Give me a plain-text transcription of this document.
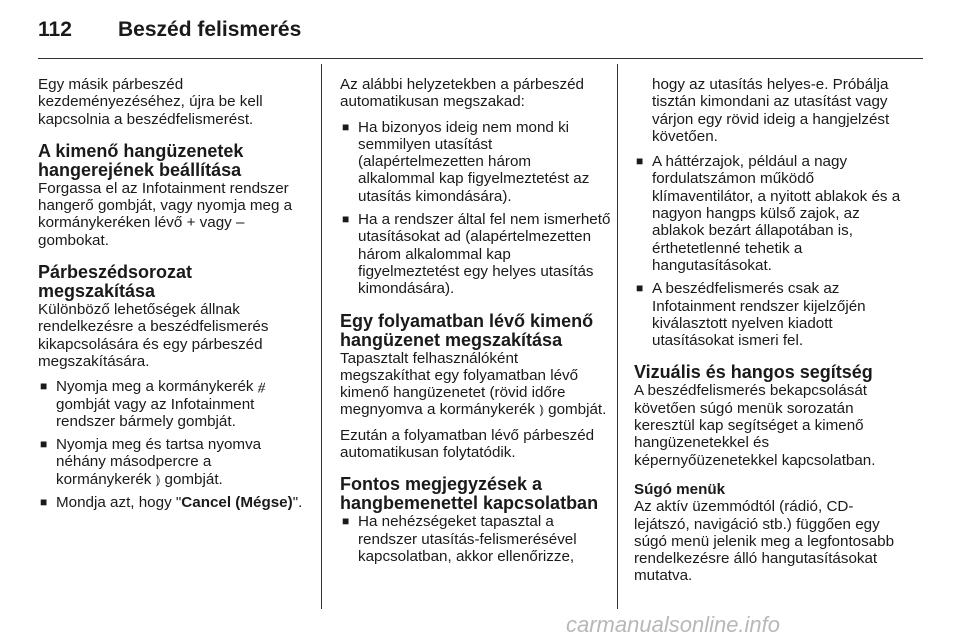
112 Beszéd felismerés

Egy másik párbeszéd kezdeményezéséhez, újra be kell kapcsolnia a beszédfelismerést.

A kimenő hangüzenetek hangerejének beállítása

Forgassa el az Infotainment rendszer hangerő gombját, vagy nyomja meg a kormánykeréken lévő + vagy – gombokat.

Párbeszédsorozat megszakítása

Különböző lehetőségek állnak rendelkezésre a beszédfelismerés kikapcsolására és egy párbeszéd megszakítására.

■ Nyomja meg a kormánykerék ⧣ gombját vagy az Infotainment rendszer bármely gombját.
■ Nyomja meg és tartsa nyomva néhány másodpercre a kormánykerék ⦆ gombját.
■ Mondja azt, hogy "Cancel (Mégse)".

Az alábbi helyzetekben a párbeszéd automatikusan megszakad:

■ Ha bizonyos ideig nem mond ki semmilyen utasítást (alapértelmezetten három alkalommal kap figyelmeztetést az utasítás kimondására).
■ Ha a rendszer által fel nem ismerhető utasításokat ad (alapértelmezetten három alkalommal kap figyelmeztetést egy helyes utasítás kimondására).
Egy folyamatban lévő kimenő hangüzenet megszakítása

Tapasztalt felhasználóként megszakíthat egy folyamatban lévő kimenő hangüzenetet (rövid időre megnyomva a kormánykerék ⦆ gombját.

Ezután a folyamatban lévő párbeszéd automatikusan folytatódik.

Fontos megjegyzések a hangbemenettel kapcsolatban
■ Ha nehézségeket tapasztal a rendszer utasítás-felismerésével kapcsolatban, akkor ellenőrizze,

hogy az utasítás helyes-e. Próbálja tisztán kimondani az utasítást vagy várjon egy rövid ideig a hangjelzést követően.

■ A háttérzajok, például a nagy fordulatszámon működő klímaventilátor, a nyitott ablakok és a nagyon hangps külső zajok, az ablakok bezárt állapotában is, érthetetlenné tehetik a hangutasításokat.
■ A beszédfelismerés csak az Infotainment rendszer kijelzőjén kiválasztott nyelven kiadott utasításokat ismeri fel.
Vizuális és hangos segítség

A beszédfelismerés bekapcsolását követően súgó menük sorozatán keresztül kap segítséget a kimenő hangüzenetekkel és képernyőüzenetekkel kapcsolatban.

Súgó menük

Az aktív üzemmódtól (rádió, CD-lejátszó, navigáció stb.) függően egy súgó menü jelenik meg a legfontosabb rendelkezésre álló hangutasításokat mutatva.

carmanualsonline.info
